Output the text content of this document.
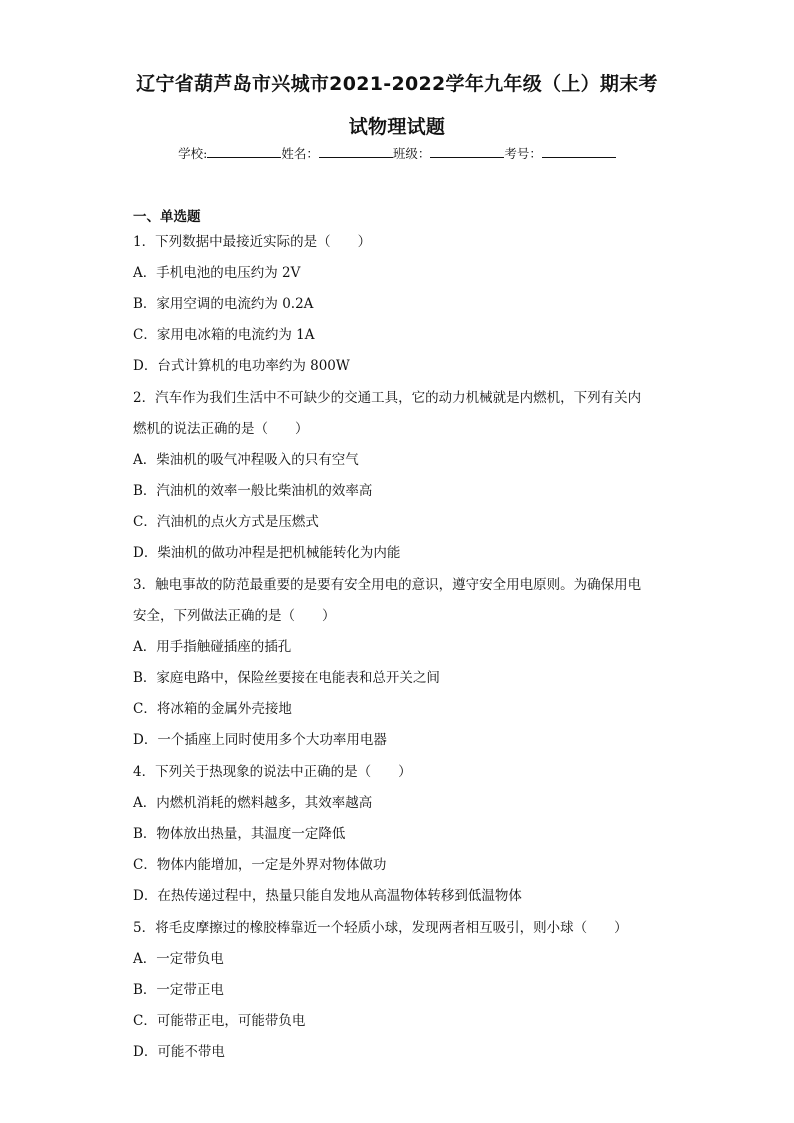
辽宁省葫芦岛市兴城市2021-2022学年九年级（上）期末考
试物理试题
学校:	姓名：	班级：	考号：
一、单选题
1．下列数据中最接近实际的是（　　）
A．手机电池的电压约为 2V
B．家用空调的电流约为 0.2A
C．家用电冰箱的电流约为 1A
D．台式计算机的电功率约为 800W
2．汽车作为我们生活中不可缺少的交通工具，它的动力机械就是内燃机，下列有关内
燃机的说法正确的是（　　）
A．柴油机的吸气冲程吸入的只有空气
B．汽油机的效率一般比柴油机的效率高
C．汽油机的点火方式是压燃式
D．柴油机的做功冲程是把机械能转化为内能
3．触电事故的防范最重要的是要有安全用电的意识，遵守安全用电原则。为确保用电
安全，下列做法正确的是（　　）
A．用手指触碰插座的插孔
B．家庭电路中，保险丝要接在电能表和总开关之间
C．将冰箱的金属外壳接地
D．一个插座上同时使用多个大功率用电器
4．下列关于热现象的说法中正确的是（　　）
A．内燃机消耗的燃料越多，其效率越高
B．物体放出热量，其温度一定降低
C．物体内能增加，一定是外界对物体做功
D．在热传递过程中，热量只能自发地从高温物体转移到低温物体
5．将毛皮摩擦过的橡胶棒靠近一个轻质小球，发现两者相互吸引，则小球（　　）
A．一定带负电
B．一定带正电
C．可能带正电，可能带负电
D．可能不带电
